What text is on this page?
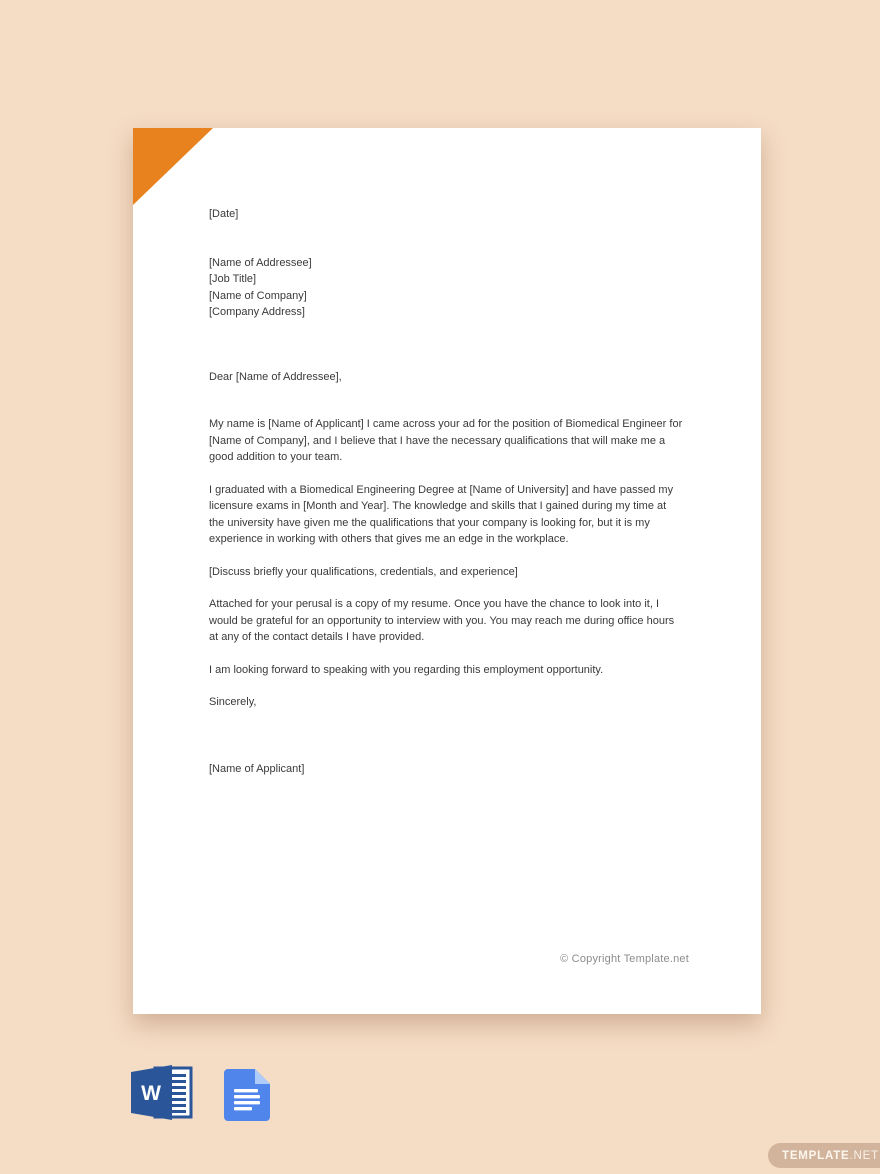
[Date]
[Name of Addressee]
[Job Title]
[Name of Company]
[Company Address]
Dear [Name of Addressee],

My name is [Name of Applicant] I came across your ad for the position of Biomedical Engineer for [Name of Company], and I believe that I have the necessary qualifications that will make me a good addition to your team.

I graduated with a Biomedical Engineering Degree at [Name of University] and have passed my licensure exams in [Month and Year]. The knowledge and skills that I gained during my time at the university have given me the qualifications that your company is looking for, but it is my experience in working with others that gives me an edge in the workplace.

[Discuss briefly your qualifications, credentials, and experience]

Attached for your perusal is a copy of my resume. Once you have the chance to look into it, I would be grateful for an opportunity to interview with you. You may reach me during office hours at any of the contact details I have provided.

I am looking forward to speaking with you regarding this employment opportunity.

Sincerely,
[Name of Applicant]
© Copyright Template.net
W
TEMPLATE .NET
